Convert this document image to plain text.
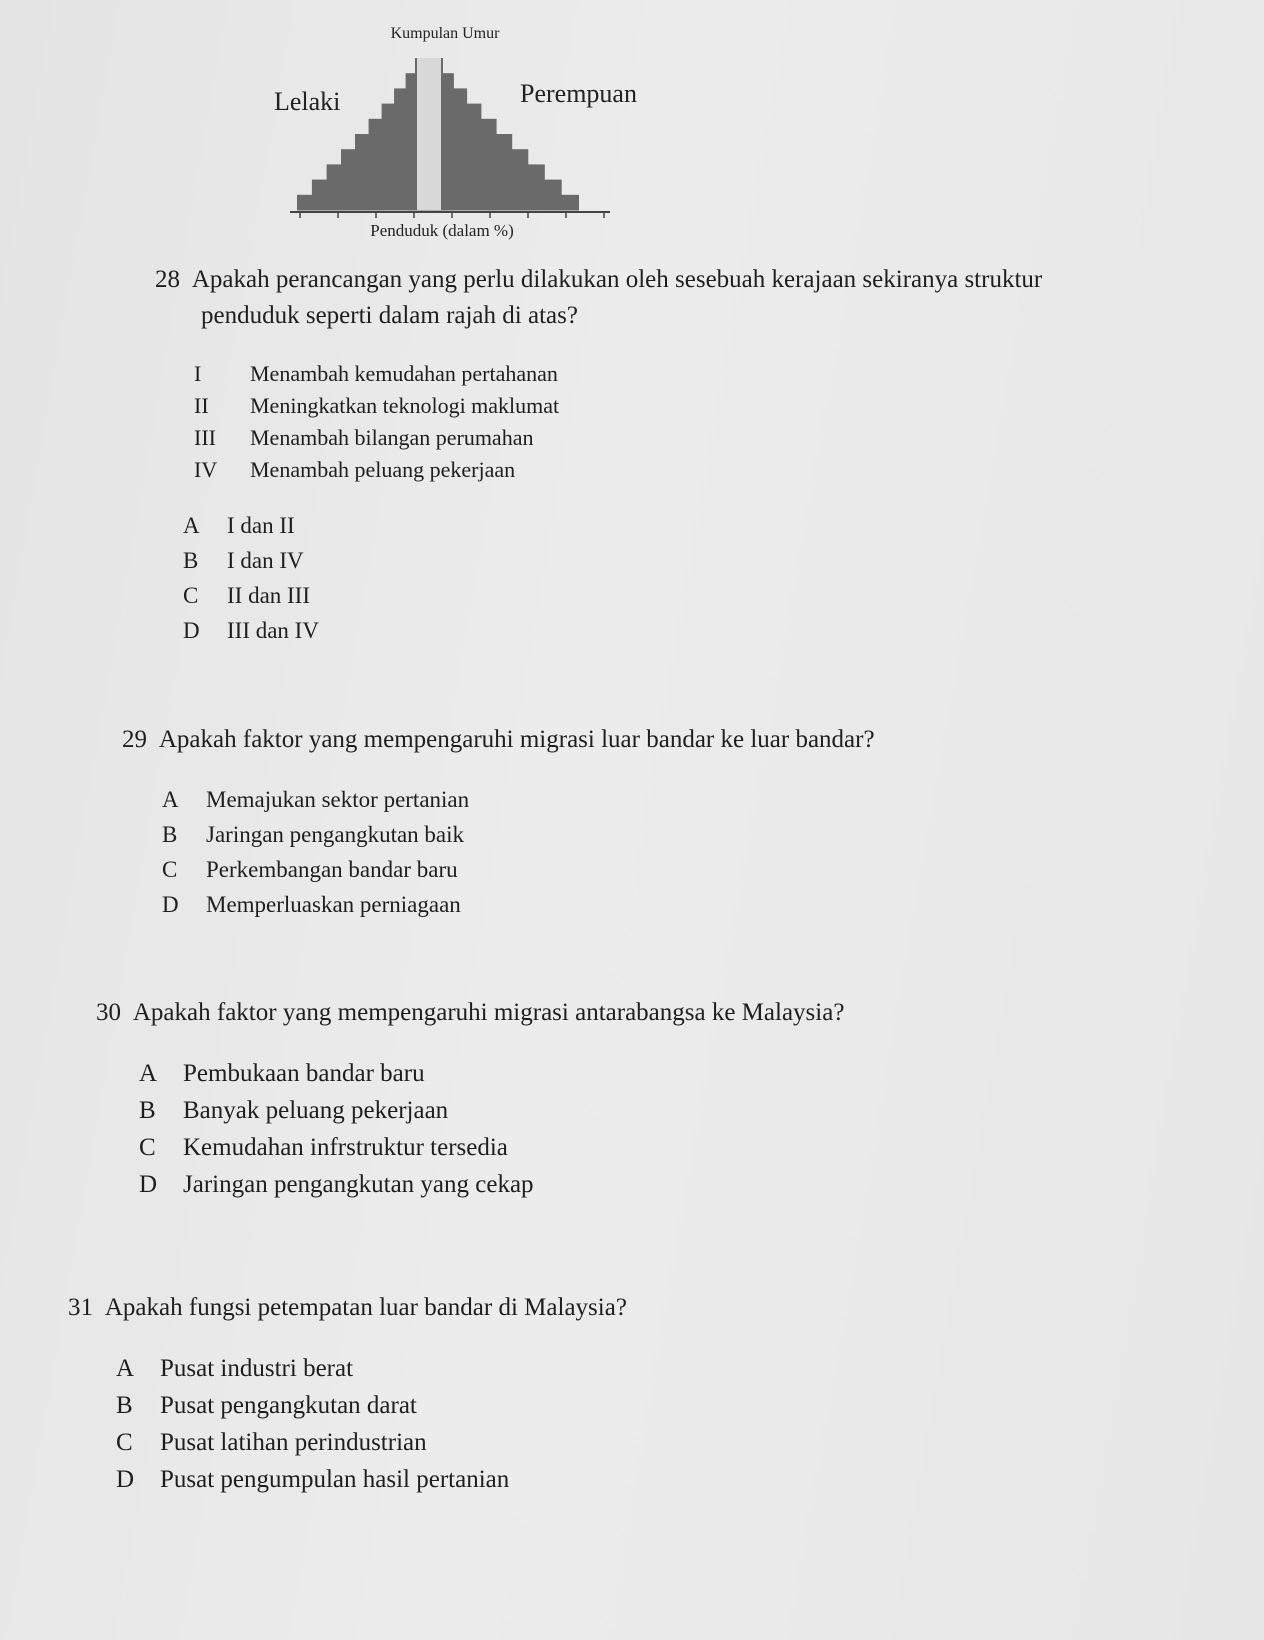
Kumpulan Umur
Lelaki	Perempuan
Penduduk (dalam %)
28 Apakah perancangan yang perlu dilakukan oleh sesebuah kerajaan sekiranya struktur
penduduk seperti dalam rajah di atas?
I Menambah kemudahan pertahanan
II Meningkatkan teknologi maklumat
III Menambah bilangan perumahan
IV Menambah peluang pekerjaan
A I dan II
B I dan IV
C II dan III
D III dan IV
29 Apakah faktor yang mempengaruhi migrasi luar bandar ke luar bandar?
A Memajukan sektor pertanian
B Jaringan pengangkutan baik
C Perkembangan bandar baru
D Memperluaskan perniagaan
30 Apakah faktor yang mempengaruhi migrasi antarabangsa ke Malaysia?
A Pembukaan bandar baru
B Banyak peluang pekerjaan
C Kemudahan infrstruktur tersedia
D Jaringan pengangkutan yang cekap
31 Apakah fungsi petempatan luar bandar di Malaysia?
A Pusat industri berat
B Pusat pengangkutan darat
C Pusat latihan perindustrian
D Pusat pengumpulan hasil pertanian
